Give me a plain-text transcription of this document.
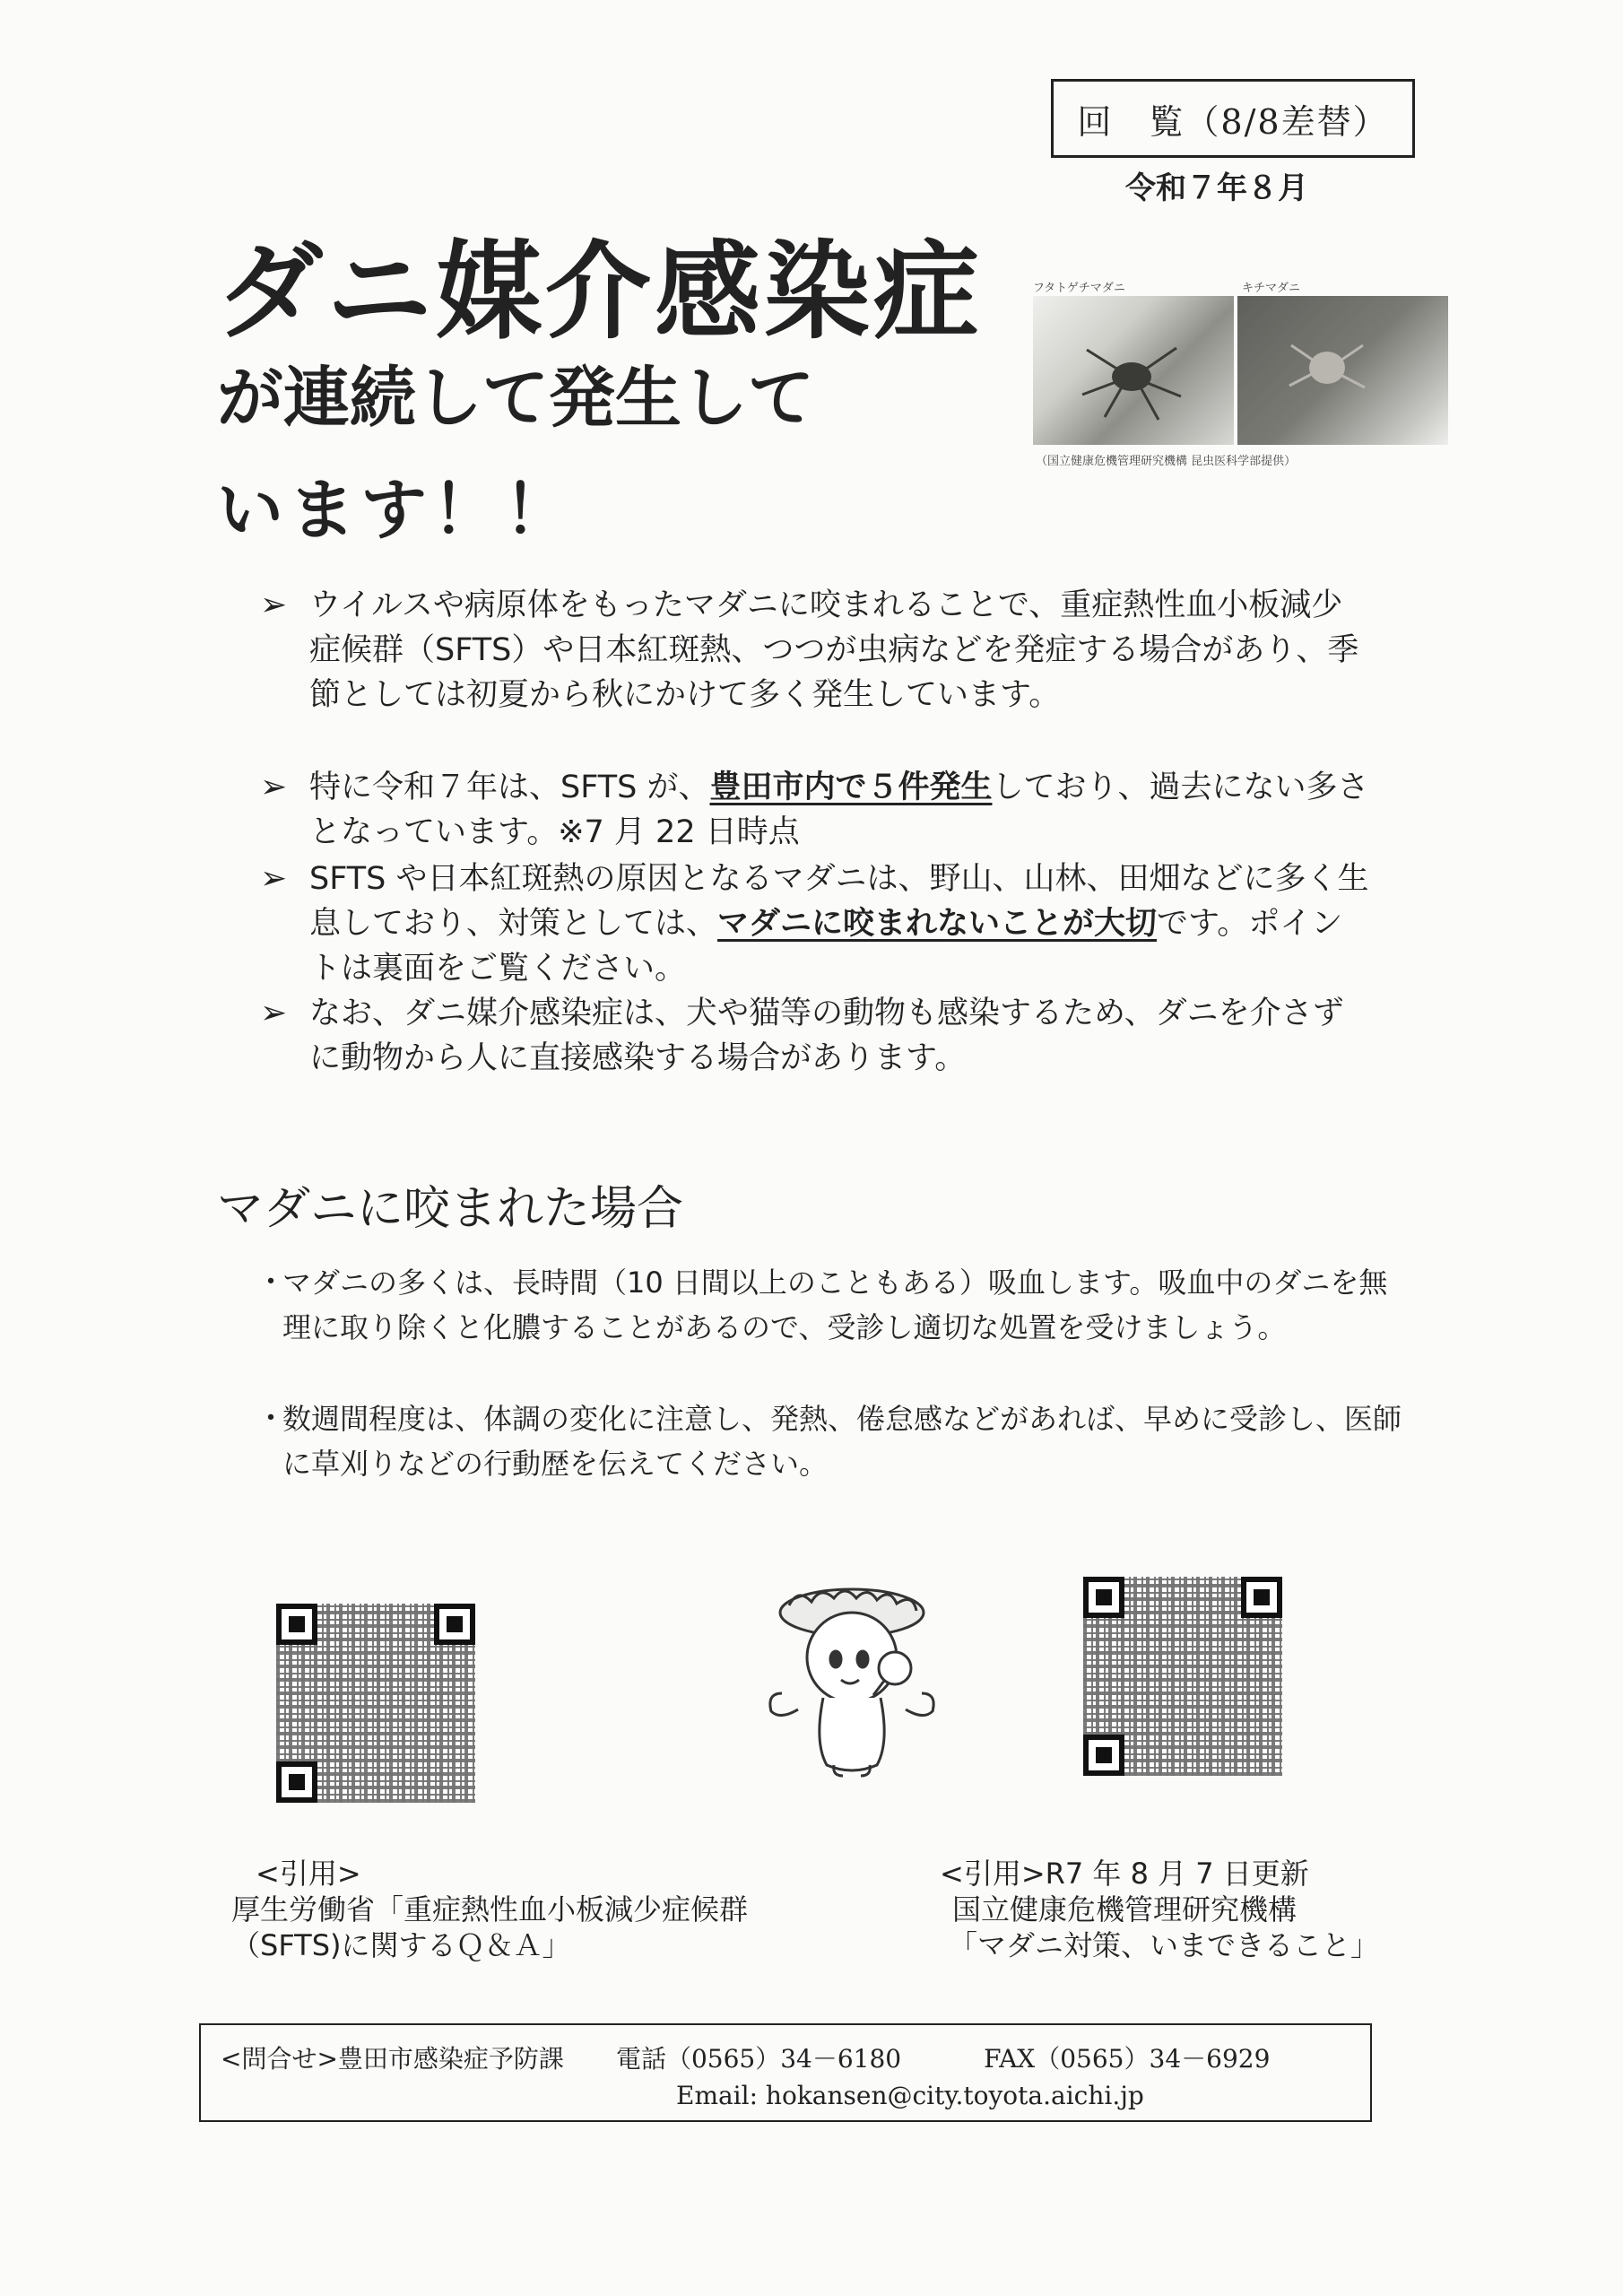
回　覧（8/8差替）
令和７年８月
ダニ媒介感染症
が連続して発生して
います！！
フタトゲチマダニ	キチマダニ
（国立健康危機管理研究機構 昆虫医科学部提供）
➢ ウイルスや病原体をもったマダニに咬まれることで、重症熱性血小板減少症候群（SFTS）や日本紅斑熱、つつが虫病などを発症する場合があり、季節としては初夏から秋にかけて多く発生しています。
➢ 特に令和７年は、SFTS が、豊田市内で５件発生しており、過去にない多さとなっています。※7 月 22 日時点
➢ SFTS や日本紅斑熱の原因となるマダニは、野山、山林、田畑などに多く生息しており、対策としては、マダニに咬まれないことが大切です。ポイントは裏面をご覧ください。
➢ なお、ダニ媒介感染症は、犬や猫等の動物も感染するため、ダニを介さずに動物から人に直接感染する場合があります。
マダニに咬まれた場合
・
マダニの多くは、長時間（10 日間以上のこともある）吸血します。吸血中のダニを無理に取り除くと化膿することがあるので、受診し適切な処置を受けましょう。
・
数週間程度は、体調の変化に注意し、発熱、倦怠感などがあれば、早めに受診し、医師に草刈りなどの行動歴を伝えてください。
<引用>
厚生労働省「重症熱性血小板減少症候群
（SFTS)に関するＱ＆Ａ」
<引用>R7 年 8 月 7 日更新
国立健康危機管理研究機構
「マダニ対策、いまできること」
<問合せ>豊田市感染症予防課 電話（0565）34－6180	FAX（0565）34－6929
Email: hokansen@city.toyota.aichi.jp
